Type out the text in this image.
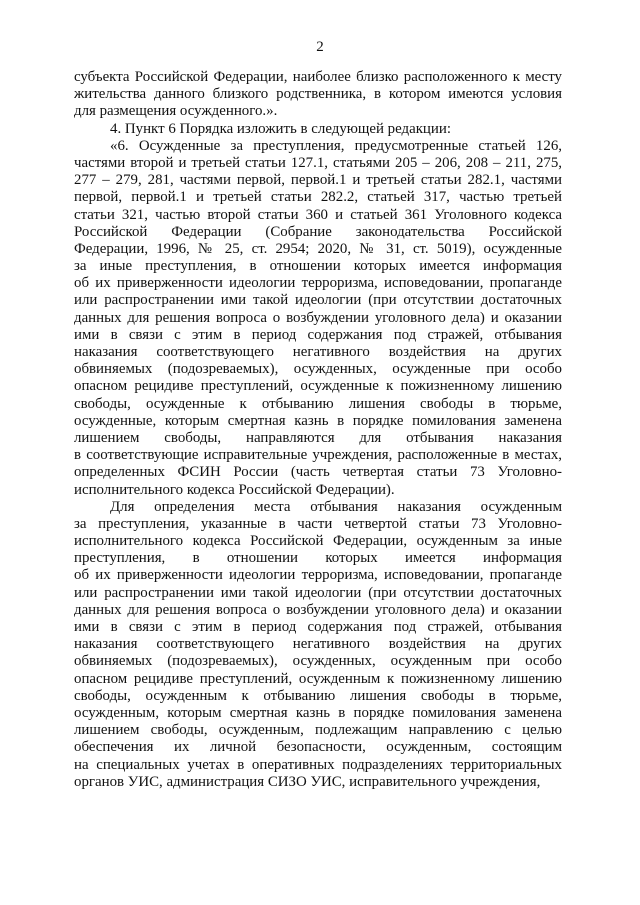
2
субъекта Российской Федерации, наиболее близко расположенного к месту
жительства данного близкого родственника, в котором имеются условия
для размещения осужденного.».
4. Пункт 6 Порядка изложить в следующей редакции:
«6. Осужденные за преступления, предусмотренные статьей 126,
частями второй и третьей статьи 127.1, статьями 205 – 206, 208 – 211, 275,
277 – 279, 281, частями первой, первой.1 и третьей статьи 282.1, частями
первой, первой.1 и третьей статьи 282.2, статьей 317, частью третьей
статьи 321, частью второй статьи 360 и статьей 361 Уголовного кодекса
Российской Федерации (Собрание законодательства Российской
Федерации, 1996, № 25, ст. 2954; 2020, № 31, ст. 5019), осужденные
за иные преступления, в отношении которых имеется информация
об их приверженности идеологии терроризма, исповедовании, пропаганде
или распространении ими такой идеологии (при отсутствии достаточных
данных для решения вопроса о возбуждении уголовного дела) и оказании
ими в связи с этим в период содержания под стражей, отбывания
наказания соответствующего негативного воздействия на других
обвиняемых (подозреваемых), осужденных, осужденные при особо
опасном рецидиве преступлений, осужденные к пожизненному лишению
свободы, осужденные к отбыванию лишения свободы в тюрьме,
осужденные, которым смертная казнь в порядке помилования заменена
лишением свободы, направляются для отбывания наказания
в соответствующие исправительные учреждения, расположенные в местах,
определенных ФСИН России (часть четвертая статьи 73 Уголовно-
исполнительного кодекса Российской Федерации).
Для определения места отбывания наказания осужденным
за преступления, указанные в части четвертой статьи 73 Уголовно-
исполнительного кодекса Российской Федерации, осужденным за иные
преступления, в отношении которых имеется информация
об их приверженности идеологии терроризма, исповедовании, пропаганде
или распространении ими такой идеологии (при отсутствии достаточных
данных для решения вопроса о возбуждении уголовного дела) и оказании
ими в связи с этим в период содержания под стражей, отбывания
наказания соответствующего негативного воздействия на других
обвиняемых (подозреваемых), осужденных, осужденным при особо
опасном рецидиве преступлений, осужденным к пожизненному лишению
свободы, осужденным к отбыванию лишения свободы в тюрьме,
осужденным, которым смертная казнь в порядке помилования заменена
лишением свободы, осужденным, подлежащим направлению с целью
обеспечения их личной безопасности, осужденным, состоящим
на специальных учетах в оперативных подразделениях территориальных
органов УИС, администрация СИЗО УИС, исправительного учреждения,
